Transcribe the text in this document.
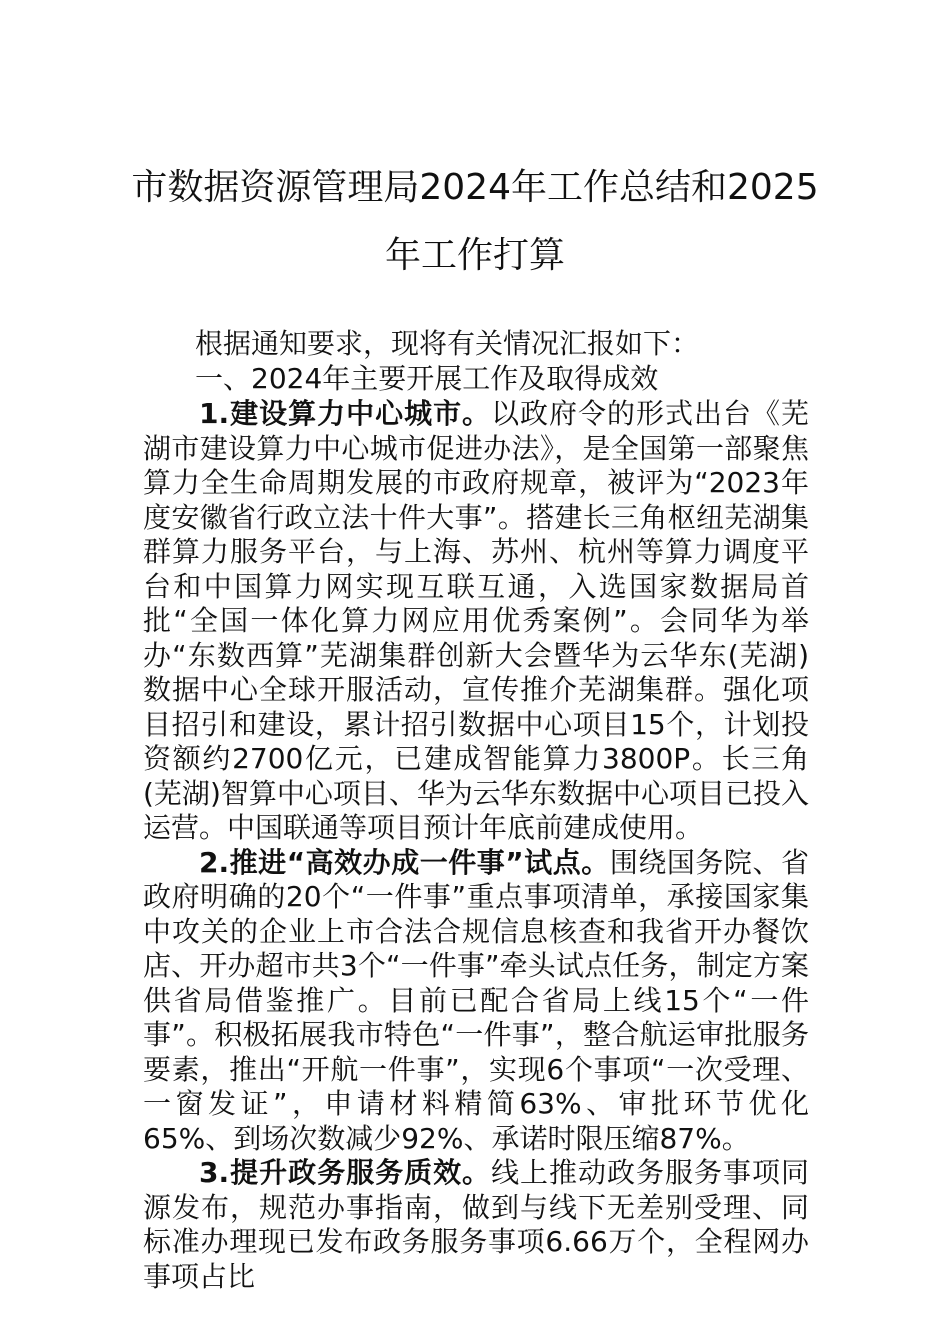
市数据资源管理局2024年工作总结和2025
年工作打算
根据通知要求，现将有关情况汇报如下：
一、2024年主要开展工作及取得成效

1.建设算力中心城市。以政府令的形式出台《芜湖市建设算力中心城市促进办法》，是全国第一部聚焦算力全生命周期发展的市政府规章，被评为“2023年度安徽省行政立法十件大事”。搭建长三角枢纽芜湖集群算力服务平台，与上海、苏州、杭州等算力调度平台和中国算力网实现互联互通，入选国家数据局首批“全国一体化算力网应用优秀案例”。会同华为举办“东数西算”芜湖集群创新大会暨华为云华东(芜湖)数据中心全球开服活动，宣传推介芜湖集群。强化项目招引和建设，累计招引数据中心项目15个，计划投资额约2700亿元，已建成智能算力3800P。长三角(芜湖)智算中心项目、华为云华东数据中心项目已投入运营。中国联通等项目预计年底前建成使用。

2.推进“高效办成一件事”试点。围绕国务院、省政府明确的20个“一件事”重点事项清单，承接国家集中攻关的企业上市合法合规信息核查和我省开办餐饮店、开办超市共3个“一件事”牵头试点任务，制定方案供省局借鉴推广。目前已配合省局上线15个“一件事”。积极拓展我市特色“一件事”，整合航运审批服务要素，推出“开航一件事”，实现6个事项“一次受理、一窗发证”，申请材料精简63%、审批环节优化65%、到场次数减少92%、承诺时限压缩87%。

3.提升政务服务质效。线上推动政务服务事项同源发布，规范办事指南，做到与线下无差别受理、同标准办理现已发布政务服务事项6.66万个，全程网办事项占比
